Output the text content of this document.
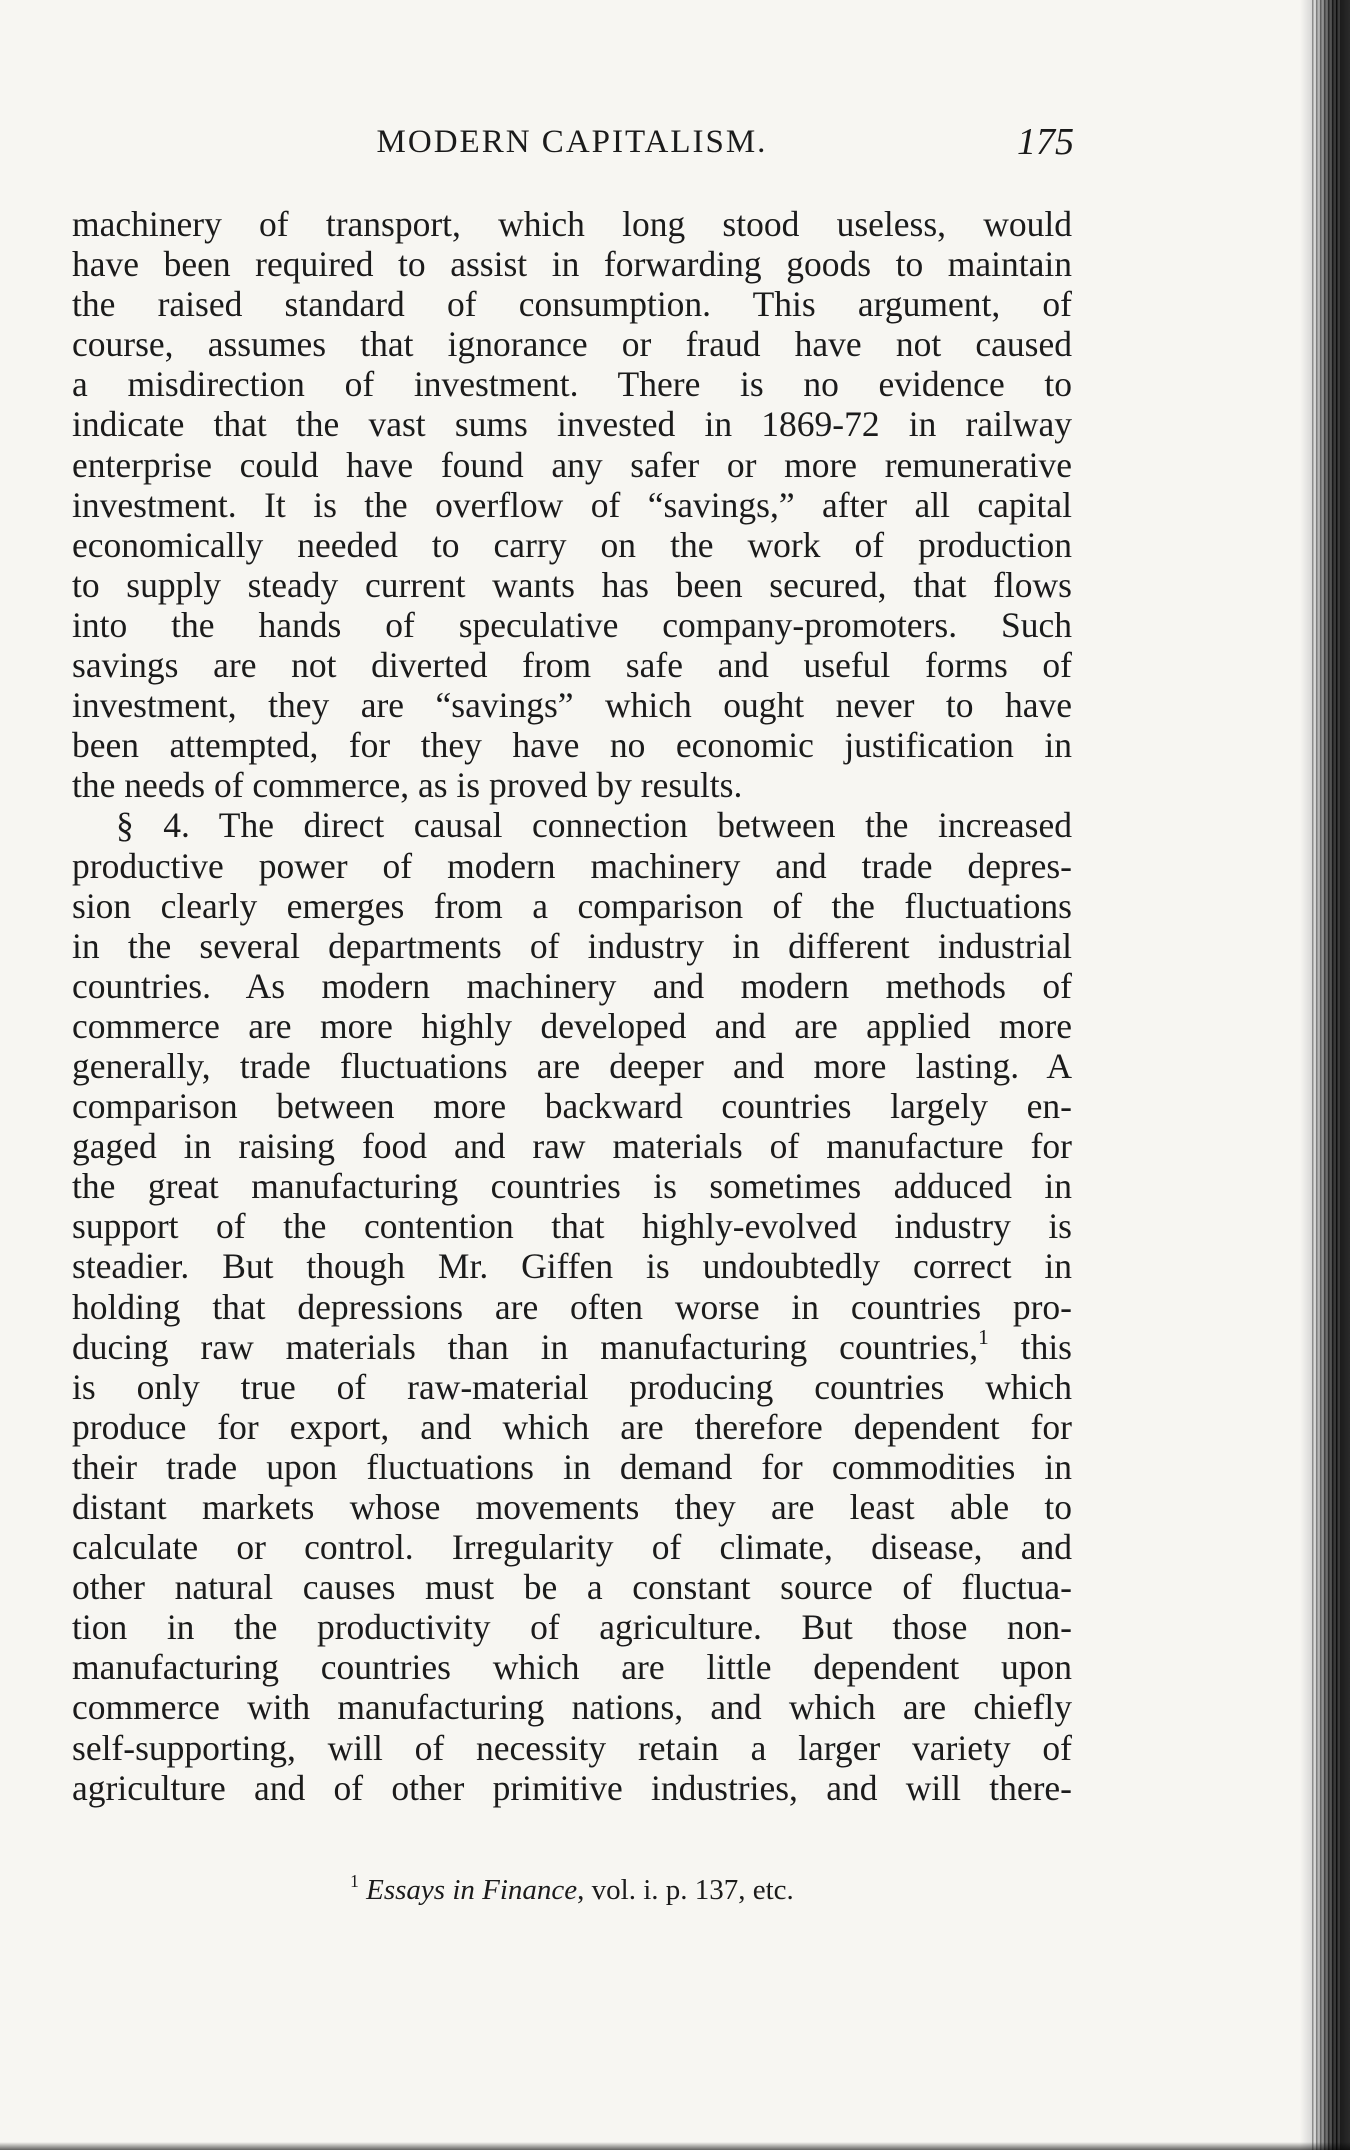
MODERN CAPITALISM.	175
machinery of transport, which long stood useless, would
have been required to assist in forwarding goods to maintain
the raised standard of consumption. This argument, of
course, assumes that ignorance or fraud have not caused
a misdirection of investment. There is no evidence to
indicate that the vast sums invested in 1869-72 in railway
enterprise could have found any safer or more remunerative
investment. It is the overflow of “savings,” after all capital
economically needed to carry on the work of production
to supply steady current wants has been secured, that flows
into the hands of speculative company-promoters. Such
savings are not diverted from safe and useful forms of
investment, they are “savings” which ought never to have
been attempted, for they have no economic justification in
the needs of commerce, as is proved by results.
§ 4. The direct causal connection between the increased
productive power of modern machinery and trade depres-
sion clearly emerges from a comparison of the fluctuations
in the several departments of industry in different industrial
countries. As modern machinery and modern methods of
commerce are more highly developed and are applied more
generally, trade fluctuations are deeper and more lasting. A
comparison between more backward countries largely en-
gaged in raising food and raw materials of manufacture for
the great manufacturing countries is sometimes adduced in
support of the contention that highly-evolved industry is
steadier. But though Mr. Giffen is undoubtedly correct in
holding that depressions are often worse in countries pro-
ducing raw materials than in manufacturing countries,$^1$ this
is only true of raw-material producing countries which
produce for export, and which are therefore dependent for
their trade upon fluctuations in demand for commodities in
distant markets whose movements they are least able to
calculate or control. Irregularity of climate, disease, and
other natural causes must be a constant source of fluctua-
tion in the productivity of agriculture. But those non-
manufacturing countries which are little dependent upon
commerce with manufacturing nations, and which are chiefly
self-supporting, will of necessity retain a larger variety of
agriculture and of other primitive industries, and will there-
$^1$ Essays in Finance, vol. i. p. 137, etc.
